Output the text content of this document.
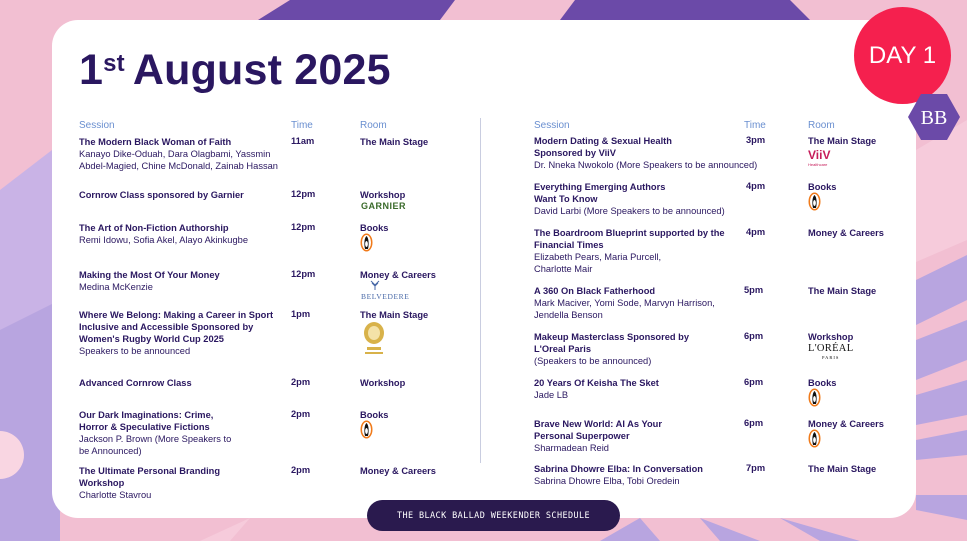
1st August 2025	DAY 1
BB
Session	Time	Room	Session	Time	Room
The Modern Black Woman of Faith
Kanayo Dike-Oduah, Dara Olagbami, Yassmin Abdel-Magied, Chine McDonald, Zainab Hassan
11am	The Main Stage
Cornrow Class sponsored by Garnier	12pm	Workshop
GARNIER
The Art of Non-Fiction Authorship
Remi Idowu, Sofia Akel, Alayo Akinkugbe
12pm	Books
Making the Most Of Your Money
Medina McKenzie
12pm	Money & Careers
BELVEDERE
Where We Belong: Making a Career in Sport Inclusive and Accessible Sponsored by Women's Rugby World Cup 2025
Speakers to be announced
1pm	The Main Stage
Advanced Cornrow Class	2pm	Workshop
Our Dark Imaginations: Crime, Horror & Speculative Fictions
Jackson P. Brown (More Speakers to be Announced)
2pm	Books
The Ultimate Personal Branding Workshop
Charlotte Stavrou
2pm	Money & Careers
Modern Dating & Sexual Health Sponsored by ViiV
Dr. Nneka Nwokolo (More Speakers to be announced)
3pm	The Main Stage
ViiV
Healthcare
Everything Emerging Authors Want To Know
David Larbi (More Speakers to be announced)
4pm	Books
The Boardroom Blueprint supported by the Financial Times
Elizabeth Pears, Maria Purcell, Charlotte Mair
4pm	Money & Careers
A 360 On Black Fatherhood
Mark Maciver, Yomi Sode, Marvyn Harrison, Jendella Benson
5pm	The Main Stage
Makeup Masterclass Sponsored by L'Oreal Paris
(Speakers to be announced)
6pm	Workshop
L'ORÉAL
PARIS
20 Years Of Keisha The Sket
Jade LB
6pm	Books
Brave New World: AI As Your Personal Superpower
Sharmadean Reid
6pm	Money & Careers
Sabrina Dhowre Elba: In Conversation
Sabrina Dhowre Elba, Tobi Oredein
7pm	The Main Stage
THE BLACK BALLAD WEEKENDER SCHEDULE
